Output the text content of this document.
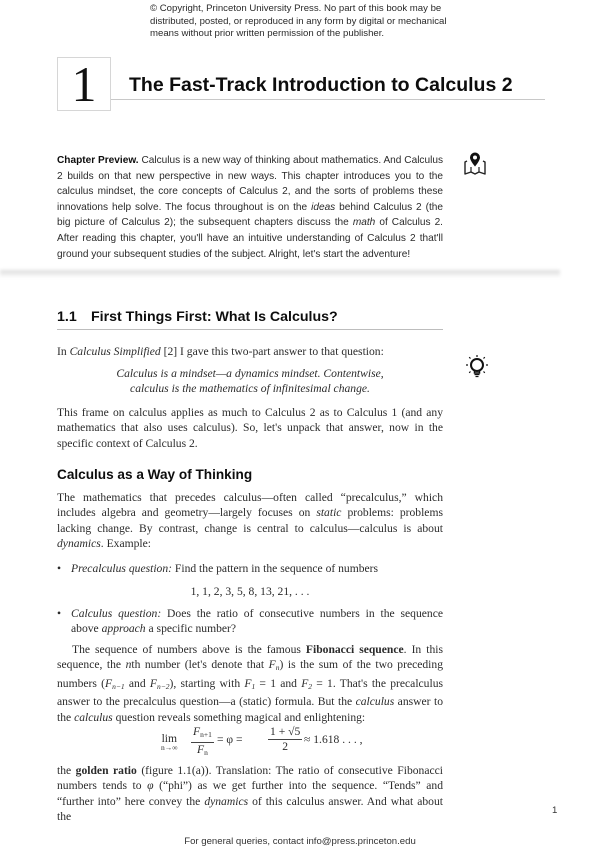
© Copyright, Princeton University Press. No part of this book may be
distributed, posted, or reproduced in any form by digital or mechanical
means without prior written permission of the publisher.
1	The Fast-Track Introduction to Calculus 2
Chapter Preview. Calculus is a new way of thinking about mathematics. And Calculus 2 builds on that new perspective in new ways. This chapter introduces you to the calculus mindset, the core concepts of Calculus 2, and the sorts of problems these innovations help solve. The focus throughout is on the ideas behind Calculus 2 (the big picture of Calculus 2); the subsequent chapters discuss the math of Calculus 2. After reading this chapter, you'll have an intuitive understanding of Calculus 2 that'll ground your subsequent studies of the subject. Alright, let's start the adventure!
1.1 First Things First: What Is Calculus?
In Calculus Simplified [2] I gave this two-part answer to that question:
Calculus is a mindset—a dynamics mindset. Contentwise,
calculus is the mathematics of infinitesimal change.
This frame on calculus applies as much to Calculus 2 as to Calculus 1 (and any mathematics that also uses calculus). So, let's unpack that answer, now in the specific context of Calculus 2.
Calculus as a Way of Thinking
The mathematics that precedes calculus—often called “precalculus,” which includes algebra and geometry—largely focuses on static problems: problems lacking change. By contrast, change is central to calculus—calculus is about dynamics. Example:
• Precalculus question: Find the pattern in the sequence of numbers
1, 1, 2, 3, 5, 8, 13, 21, . . .
• Calculus question: Does the ratio of consecutive numbers in the sequence above approach a specific number?
The sequence of numbers above is the famous Fibonacci sequence. In this sequence, the nth number (let's denote that $F_n$) is the sum of the two preceding numbers ($F_{n-1}$ and $F_{n-2}$), starting with $F_1 = 1$ and $F_2 = 1$. That's the precalculus answer to the precalculus question—a (static) formula. But the calculus answer to the calculus question reveals something magical and enlightening:
lim
$n\to\infty \frac{F_{n+1}}{F_n} = \varphi = \frac{1 + √5}{2} \approx 1.618$ . . . ,
the golden ratio (figure 1.1(a)). Translation: The ratio of consecutive Fibonacci numbers tends to φ (“phi”) as we get further into the sequence. “Tends” and “further into” here convey the dynamics of this calculus answer. And what about the	1
For general queries, contact info@press.princeton.edu
